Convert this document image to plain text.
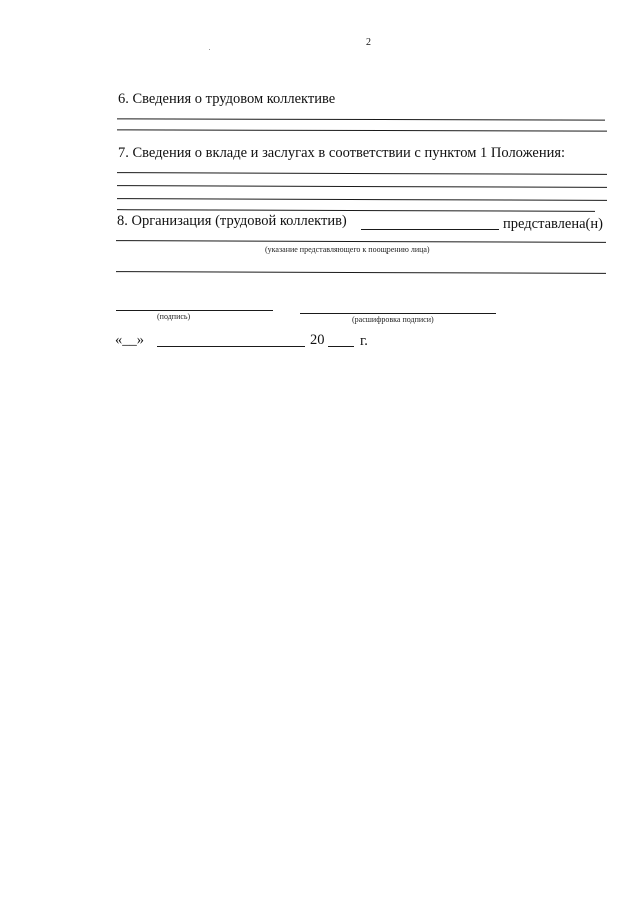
2
6. Сведения о трудовом коллективе
7. Сведения о вкладе и заслугах в соответствии с пунктом 1 Положения:
8. Организация (трудовой коллектив)	представлена(н)
(указание представляющего к поощрению лица)
(подпись)	(расшифровка подписи)
«__»	20 г.
